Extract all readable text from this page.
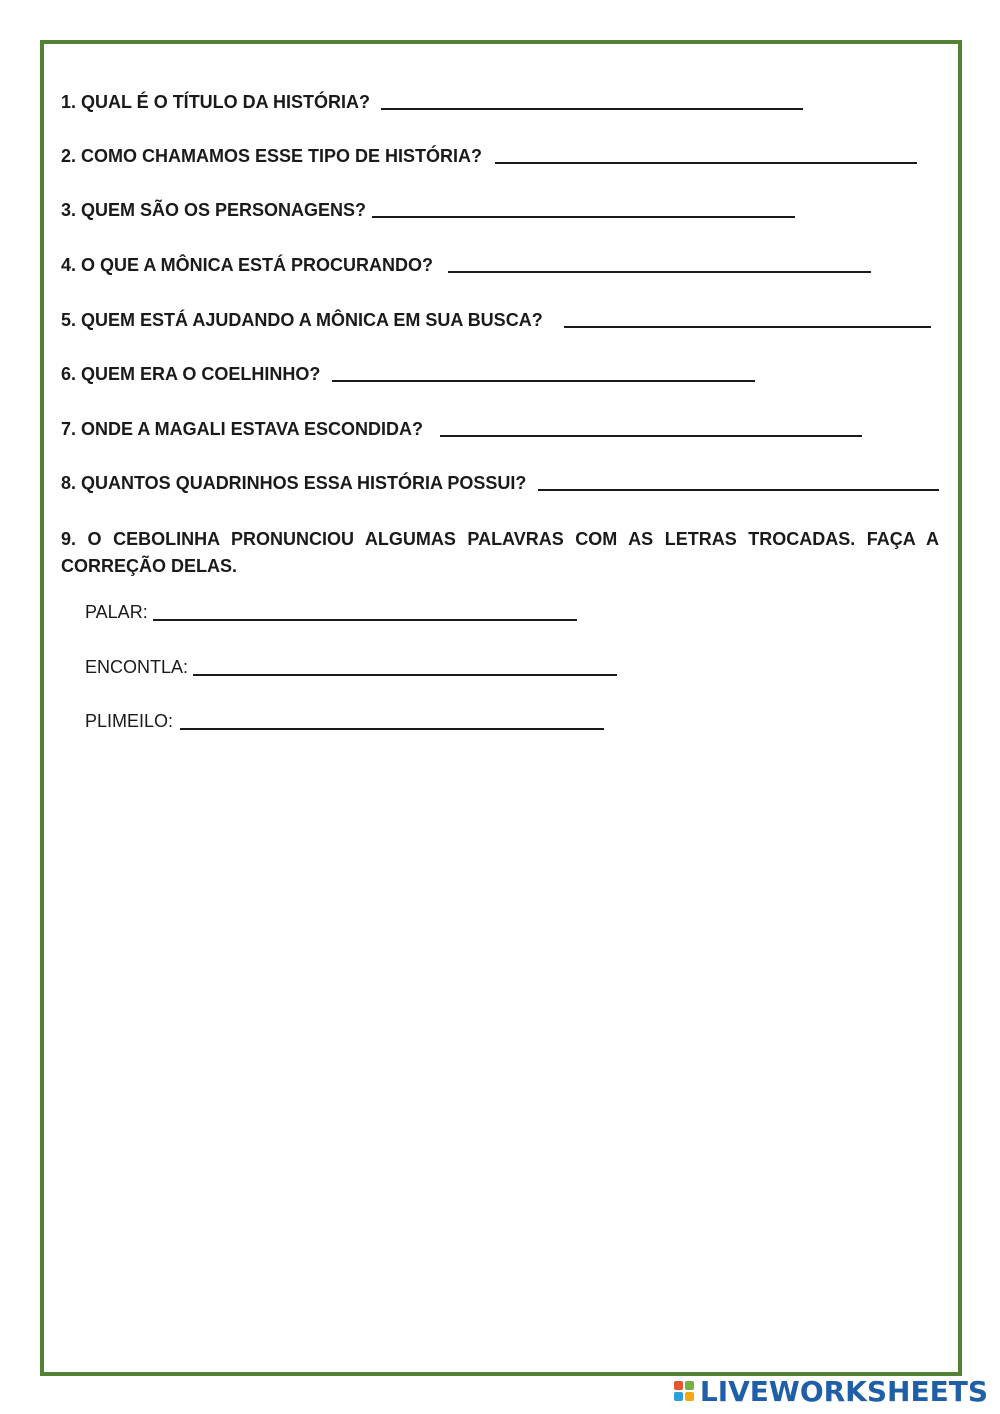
1. QUAL É O TÍTULO DA HISTÓRIA?
2. COMO CHAMAMOS ESSE TIPO DE HISTÓRIA?
3. QUEM SÃO OS PERSONAGENS?
4. O QUE A MÔNICA ESTÁ PROCURANDO?
5. QUEM ESTÁ AJUDANDO A MÔNICA EM SUA BUSCA?
6. QUEM ERA O COELHINHO?
7. ONDE A MAGALI ESTAVA ESCONDIDA?
8. QUANTOS QUADRINHOS ESSA HISTÓRIA POSSUI?
9. O CEBOLINHA PRONUNCIOU ALGUMAS PALAVRAS COM AS LETRAS TROCADAS. FAÇA A CORREÇÃO DELAS.
PALAR:
ENCONTLA:
PLIMEILO:
LIVEWORKSHEETS
